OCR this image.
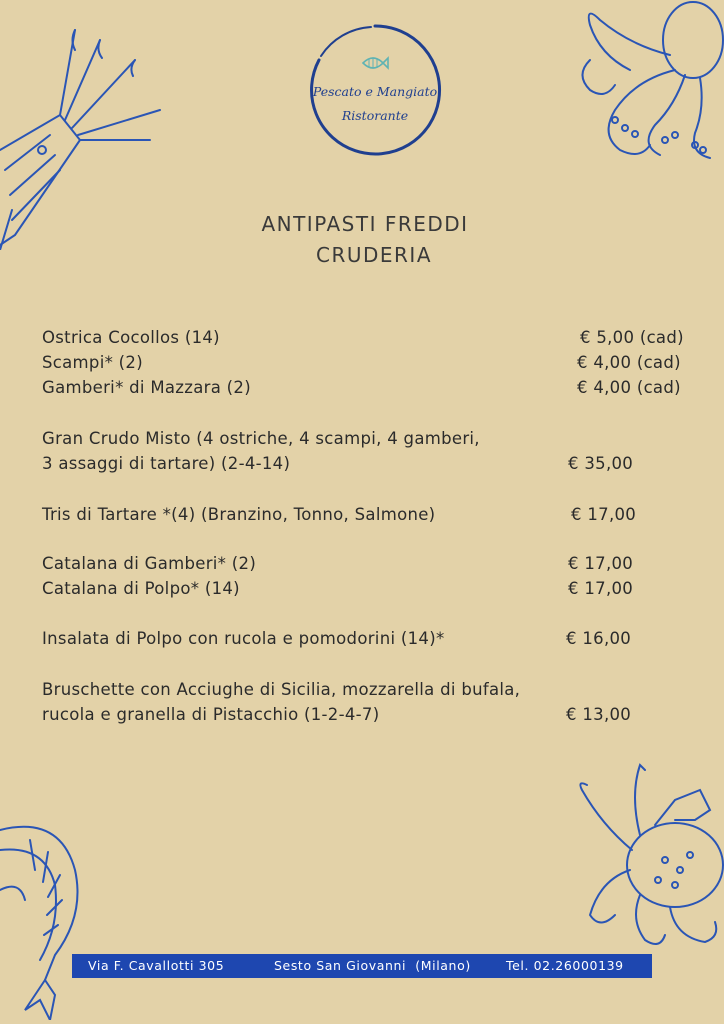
Pescato e Mangiato
Ristorante
ANTIPASTI FREDDI
CRUDERIA
Ostrica Cocollos (14)	€ 5,00 (cad)
Scampi* (2)	€ 4,00 (cad)
Gamberi* di Mazzara (2)	€ 4,00 (cad)
Gran Crudo Misto (4 ostriche, 4 scampi, 4 gamberi,
3 assaggi di tartare) (2-4-14)	€ 35,00
Tris di Tartare *(4) (Branzino, Tonno, Salmone)	€ 17,00
Catalana di Gamberi* (2)	€ 17,00
Catalana di Polpo* (14)	€ 17,00
Insalata di Polpo con rucola e pomodorini (14)*	€ 16,00
Bruschette con Acciughe di Sicilia, mozzarella di bufala,
rucola e granella di Pistacchio (1-2-4-7)	€ 13,00
Via F. Cavallotti 305	Sesto San Giovanni  (Milano)	Tel. 02.26000139
